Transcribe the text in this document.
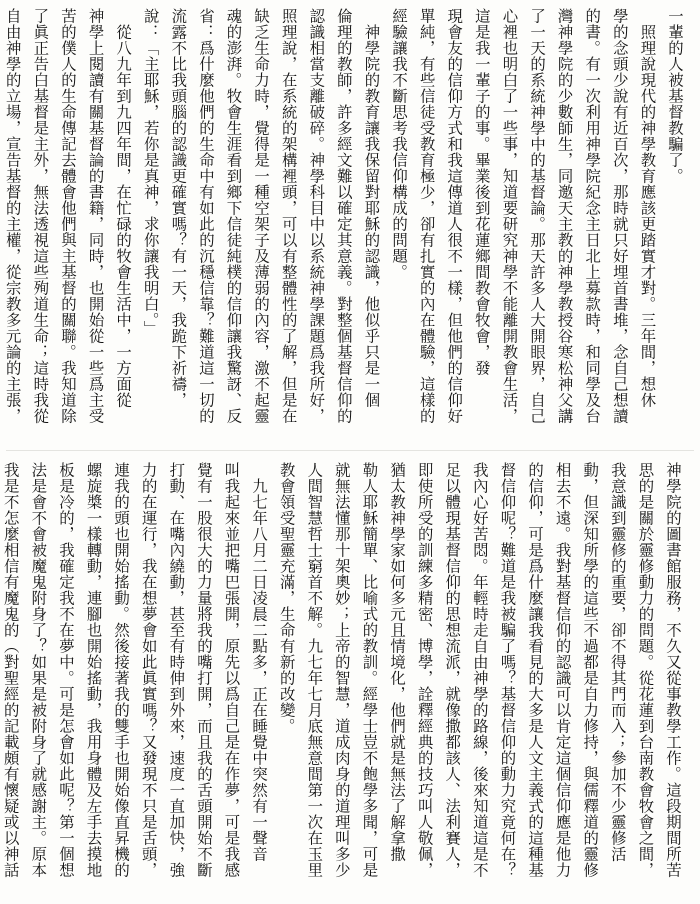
一輩的人被基督教騙了。
　照理說現代的神學教育應該更踏實才對。三年間，想休
學的念頭少說有近百次，那時就只好埋首書堆，念自己想讀
的書。有一次利用神學院紀念主日北上募款時，和同學及台
灣神學院的少數師生，同邀天主教的神學教授谷寒松神父講
了一天的系統神學中的基督論。那天許多人大開眼界，自己
心裡也明白了一些事，知道要研究神學不能離開教會生活，
這是我一輩子的事。畢業後到花蓮鄉間教會牧會，發
現會友的信仰方式和我這傳道人很不一樣，但他們的信仰好
單純，有些信徒受教育極少，卻有扎實的內在體驗，這樣的
經驗讓我不斷思考我信仰構成的問題。
　神學院的教育讓我保留對耶穌的認識，他似乎只是一個
倫理的教師，許多經文難以確定其意義。對整個基督信仰的
認識相當支離破碎。神學科目中以系統神學課題爲我所好，
照理說，在系統的架構裡頭，可以有整體性的了解，但是在
缺乏生命力時，覺得是一種空架子及薄弱的內容，激不起靈
魂的澎湃。牧會生涯看到鄉下信徒純樸的信仰讓我驚訝、反
省：爲什麼他們的生命中有如此的沉穩信靠？難道這一切的
流露不比我頭腦的認識更確實嗎？有一天，我跪下祈禱，
說：「主耶穌，若你是真神，求你讓我明白。」
　從八九年到九四年間，在忙碌的牧會生活中，一方面從
神學上閱讀有關基督論的書籍，同時，也開始從一些爲主受
苦的僕人的生命傳記去體會他們與主基督的關聯。我知道除
了眞正告白基督是主外，無法透視這些殉道生命；這時我從
自由神學的立場，宣告基督的主權，從宗教多元論的主張，
神學院的圖書館服務，不久又從事教學工作。這段期間所苦
思的是關於靈修動力的問題。從花蓮到台南教會牧會之間，
我意識到靈修的重要，卻不得其門而入；參加不少靈修活
動，但深知所學的這些不過都是自力修持，與儒釋道的靈修
相去不遠。我對基督信仰的認識可以肯定這個信仰應是他力
的信仰，可是爲什麼讓我看見的大多是人文主義式的這種基
督信仰呢？難道是我被騙了嗎？基督信仰的動力究竟何在？
我內心好苦悶。年輕時走自由神學的路線，後來知道這是不
足以體現基督信仰的思想流派，就像撒都該人、法利賽人，
即使所受的訓練多精密、博學，詮釋經典的技巧叫人敬佩，
猶太教神學家如何多元且情境化，他們就是無法了解拿撒
勒人耶穌簡單、比喻式的教訓。經學士豈不飽學多聞，可是
就無法懂那十架奧妙；上帝的智慧，道成肉身的道理叫多少
人間智慧哲士窮首不解。九七年七月底無意間第一次在玉里
教會領受聖靈充滿，生命有新的改變。
　九七年八月二日凌晨二點多，正在睡覺中突然有一聲音
叫我起來並把嘴巴張開，原先以爲自己是在作夢，可是我感
覺有一股很大的力量將我的嘴打開，而且我的舌頭開始不斷
打動、在嘴內繞動，甚至有時伸到外來，速度一直加快，強
力的在運行，我在想夢會如此眞實嗎？又發現不只是舌頭，
連我的頭也開始搖動。然後接著我的雙手也開始像直昇機的
螺旋槳一樣轉動，連腳也開始搖動，我用身體及左手去摸地
板是冷的，我確定我不在夢中。可是怎會如此呢？第一個想
法是會不會被魔鬼附身了？如果是被附身了就感謝主。原本
我是不怎麼相信有魔鬼的（對聖經的記載頗有懷疑或以神話
